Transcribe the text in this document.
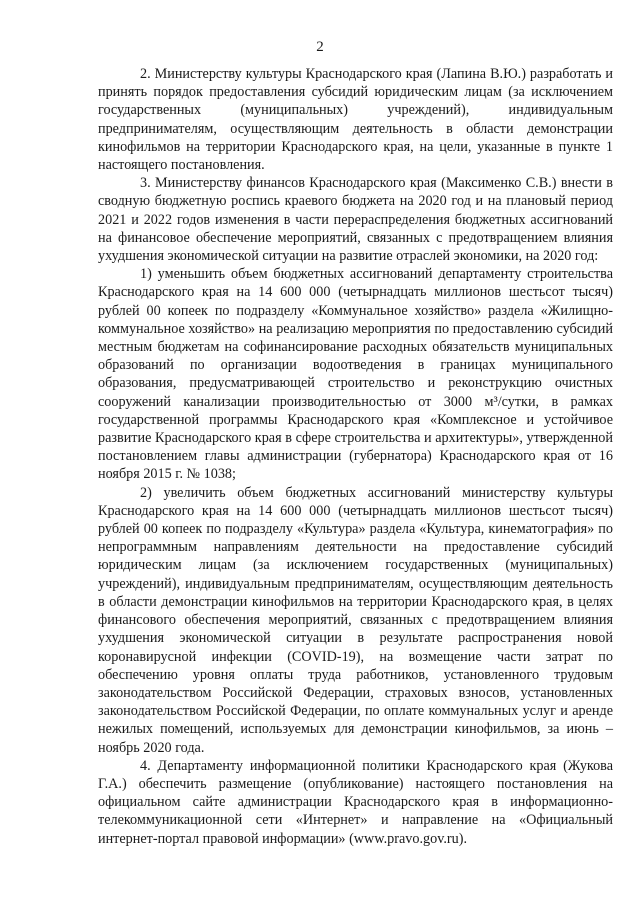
2

2. Министерству культуры Краснодарского края (Лапина В.Ю.) разработать и принять порядок предоставления субсидий юридическим лицам (за исключением государственных (муниципальных) учреждений), индивидуальным предпринимателям, осуществляющим деятельность в области демонстрации кинофильмов на территории Краснодарского края, на цели, указанные в пункте 1 настоящего постановления.

3. Министерству финансов Краснодарского края (Максименко С.В.) внести в сводную бюджетную роспись краевого бюджета на 2020 год и на плановый период 2021 и 2022 годов изменения в части перераспределения бюджетных ассигнований на финансовое обеспечение мероприятий, связанных с предотвращением влияния ухудшения экономической ситуации на развитие отраслей экономики, на 2020 год:

1) уменьшить объем бюджетных ассигнований департаменту строительства Краснодарского края на 14 600 000 (четырнадцать миллионов шестьсот тысяч) рублей 00 копеек по подразделу «Коммунальное хозяйство» раздела «Жилищно-коммунальное хозяйство» на реализацию мероприятия по предоставлению субсидий местным бюджетам на софинансирование расходных обязательств муниципальных образований по организации водоотведения в границах муниципального образования, предусматривающей строительство и реконструкцию очистных сооружений канализации производительностью от 3000 м³/сутки, в рамках государственной программы Краснодарского края «Комплексное и устойчивое развитие Краснодарского края в сфере строительства и архитектуры», утвержденной постановлением главы администрации (губернатора) Краснодарского края от 16 ноября 2015 г. № 1038;

2) увеличить объем бюджетных ассигнований министерству культуры Краснодарского края на 14 600 000 (четырнадцать миллионов шестьсот тысяч) рублей 00 копеек по подразделу «Культура» раздела «Культура, кинематография» по непрограммным направлениям деятельности на предоставление субсидий юридическим лицам (за исключением государственных (муниципальных) учреждений), индивидуальным предпринимателям, осуществляющим деятельность в области демонстрации кинофильмов на территории Краснодарского края, в целях финансового обеспечения мероприятий, связанных с предотвращением влияния ухудшения экономической ситуации в результате распространения новой коронавирусной инфекции (COVID-19), на возмещение части затрат по обеспечению уровня оплаты труда работников, установленного трудовым законодательством Российской Федерации, страховых взносов, установленных законодательством Российской Федерации, по оплате коммунальных услуг и аренде нежилых помещений, используемых для демонстрации кинофильмов, за июнь – ноябрь 2020 года.

4. Департаменту информационной политики Краснодарского края (Жукова Г.А.) обеспечить размещение (опубликование) настоящего постановления на официальном сайте администрации Краснодарского края в информационно-телекоммуникационной сети «Интернет» и направление на «Официальный интернет-портал правовой информации» (www.pravo.gov.ru).
